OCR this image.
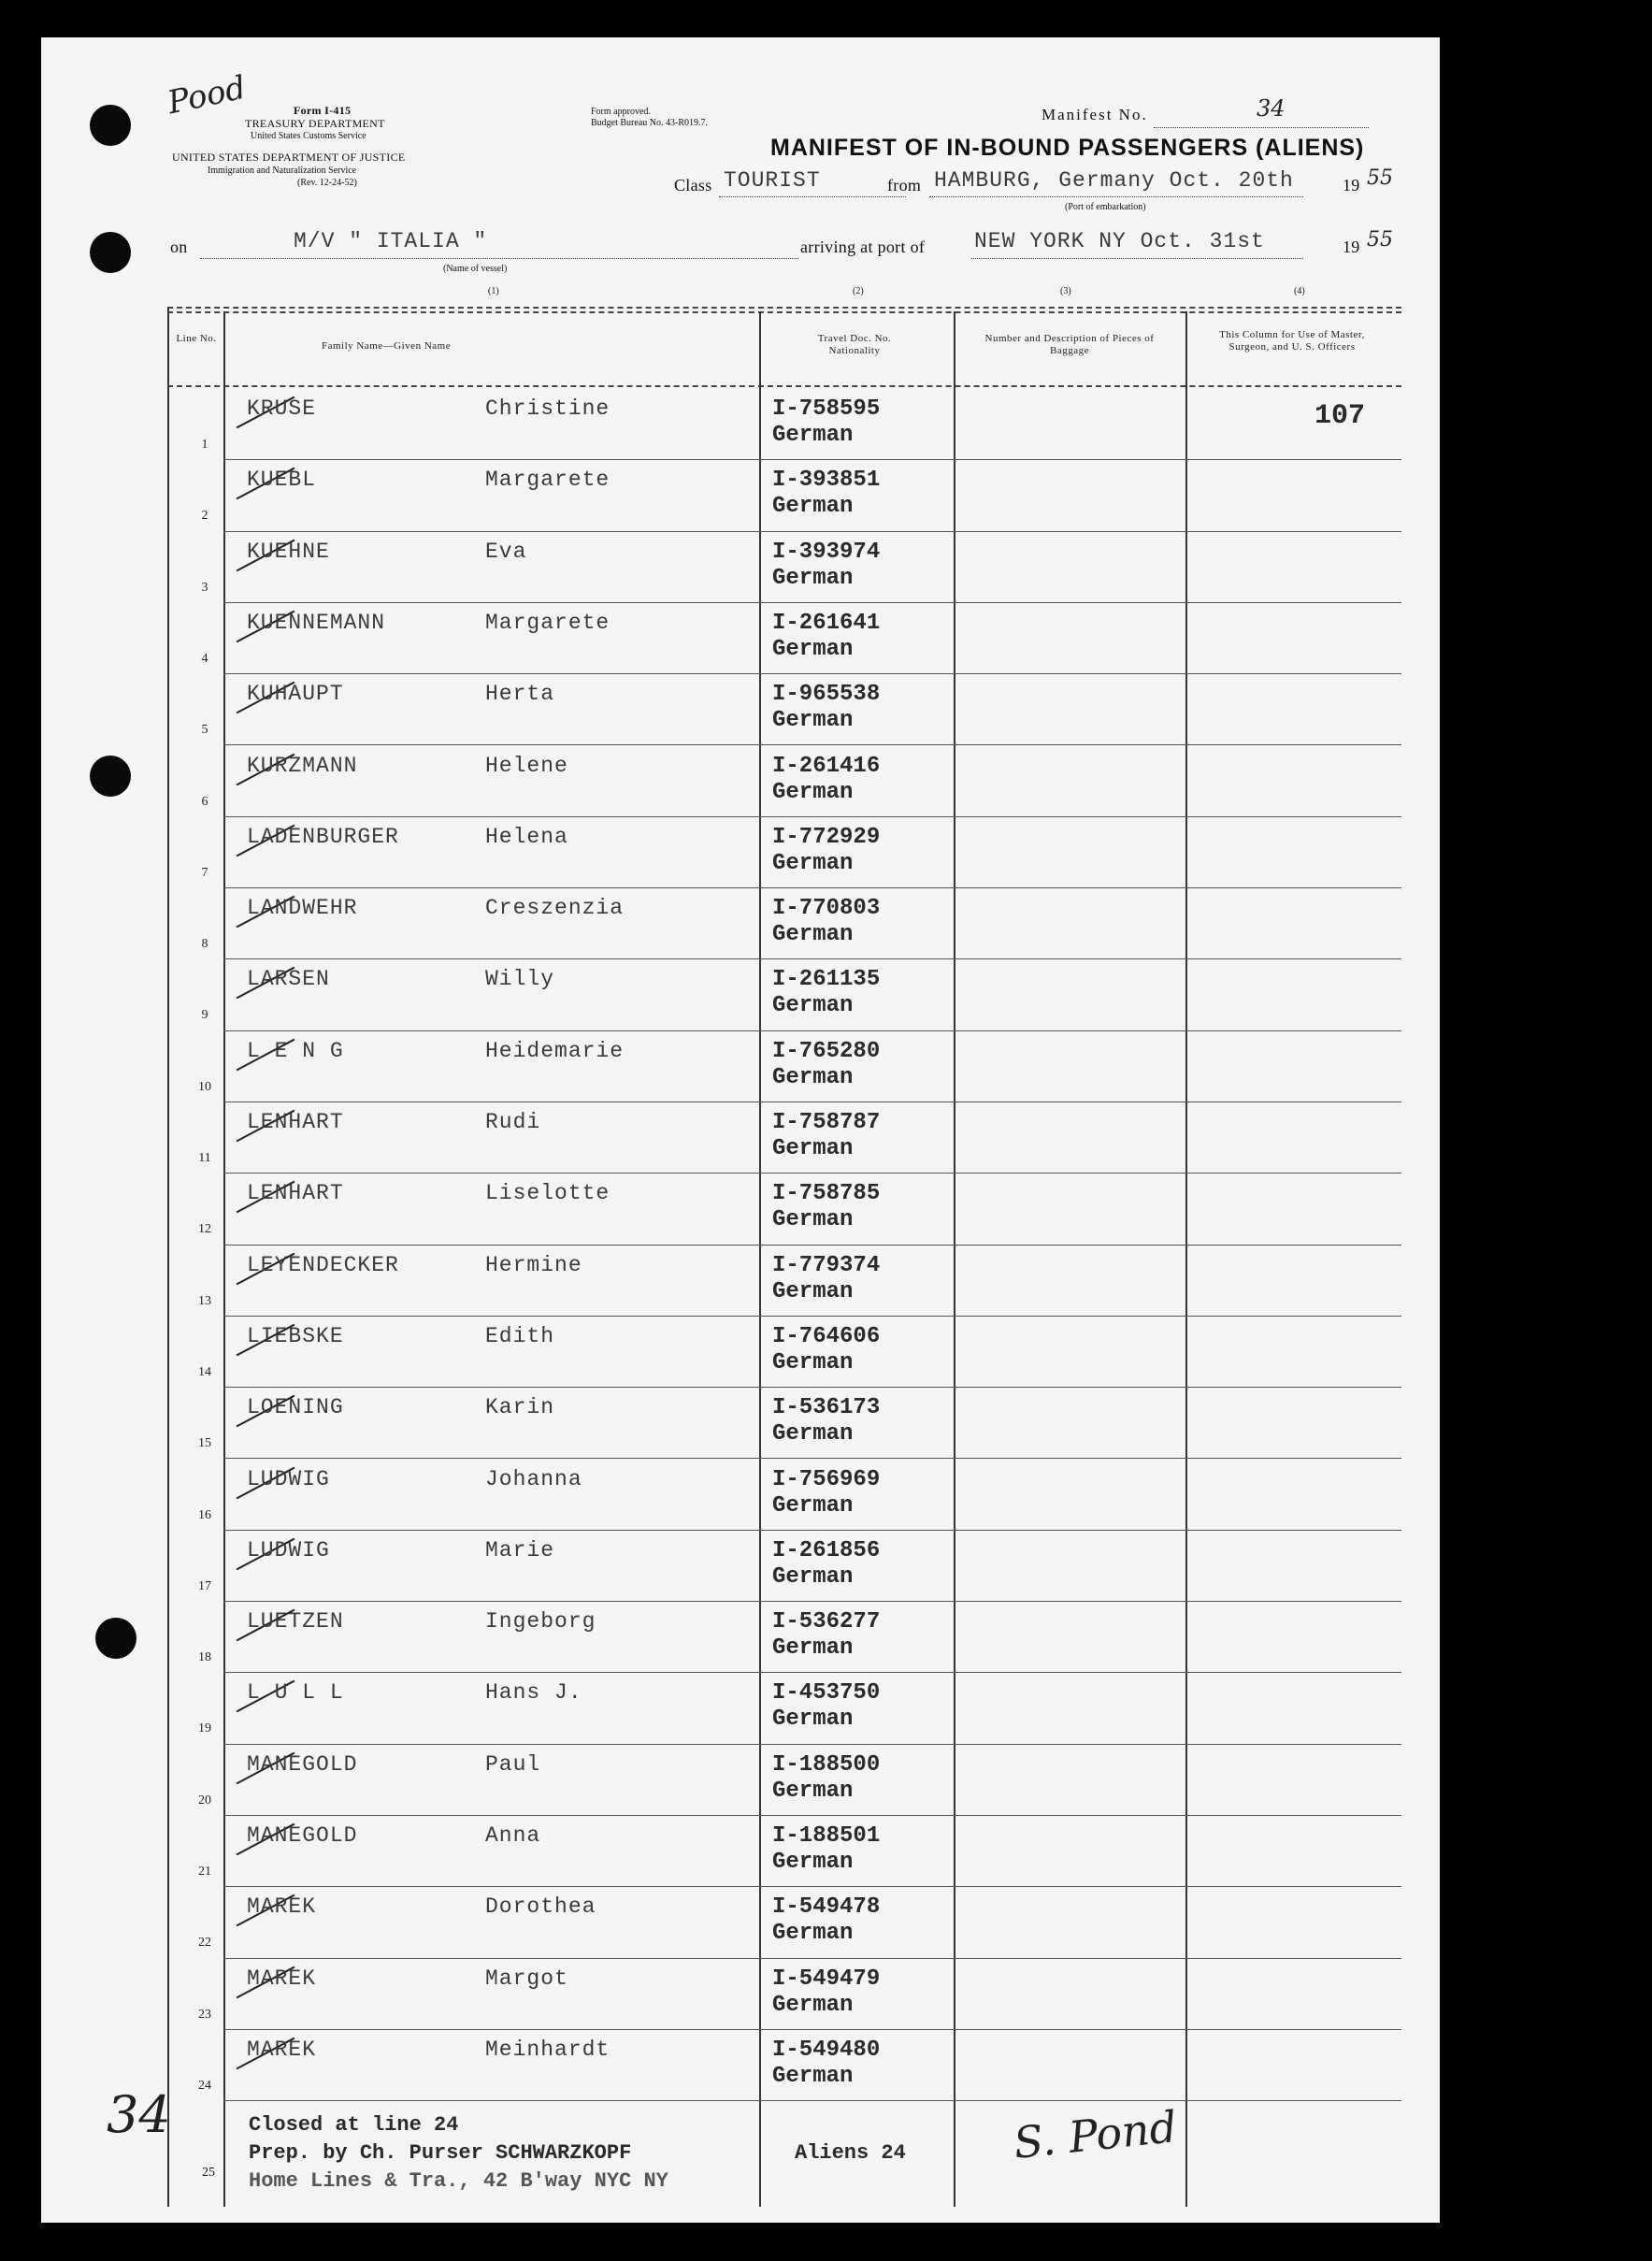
Pood	Form I-415
TREASURY DEPARTMENT
United States Customs Service
UNITED STATES DEPARTMENT OF JUSTICE
Immigration and Naturalization Service
(Rev. 12-24-52)
Form approved.
Budget Bureau No. 43-R019.7.	Manifest No.	34
MANIFEST OF IN-BOUND PASSENGERS (ALIENS)
Class TOURIST	from HAMBURG, Germany Oct. 20th	19 55
(Port of embarkation)
on	M/V " ITALIA "
(Name of vessel)
arriving at port of NEW YORK NY Oct. 31st	19 55
(1)	(2)	(3)	(4)
Line No.
Family Name—Given Name
Travel Doc. No. Nationality
Number and Description of Pieces of Baggage
This Column for Use of Master, Surgeon, and U. S. Officers
1
KRUSE	Christine	I-758595
German
107
2
KUEBL	Margarete	I-393851
German
3
KUEHNE	Eva	I-393974
German
4
KUENNEMANN	Margarete	I-261641
German
5
KUHAUPT	Herta	I-965538
German
6
KURZMANN	Helene	I-261416
German
7
LADENBURGER	Helena	I-772929
German
8
LANDWEHR	Creszenzia	I-770803
German
9
LARSEN	Willy	I-261135
German
10
L E N G	Heidemarie	I-765280
German
11
LENHART	Rudi	I-758787
German
12
LENHART	Liselotte	I-758785
German
13
LEYENDECKER	Hermine	I-779374
German
14
LIEBSKE	Edith	I-764606
German
15
LOENING	Karin	I-536173
German
16
LUDWIG	Johanna	I-756969
German
17
LUDWIG	Marie	I-261856
German
18
LUETZEN	Ingeborg	I-536277
German
19
L U L L	Hans J.	I-453750
German
20
MANEGOLD	Paul	I-188500
German
21
MANEGOLD	Anna	I-188501
German
22
MAREK	Dorothea	I-549478
German
23
MAREK	Margot	I-549479
German
24
MAREK	Meinhardt	I-549480
German
25
Closed at line 24
Prep. by Ch. Purser SCHWARZKOPF
Home Lines & Tra., 42 B'way NYC NY
Aliens 24 S. Pond
34
